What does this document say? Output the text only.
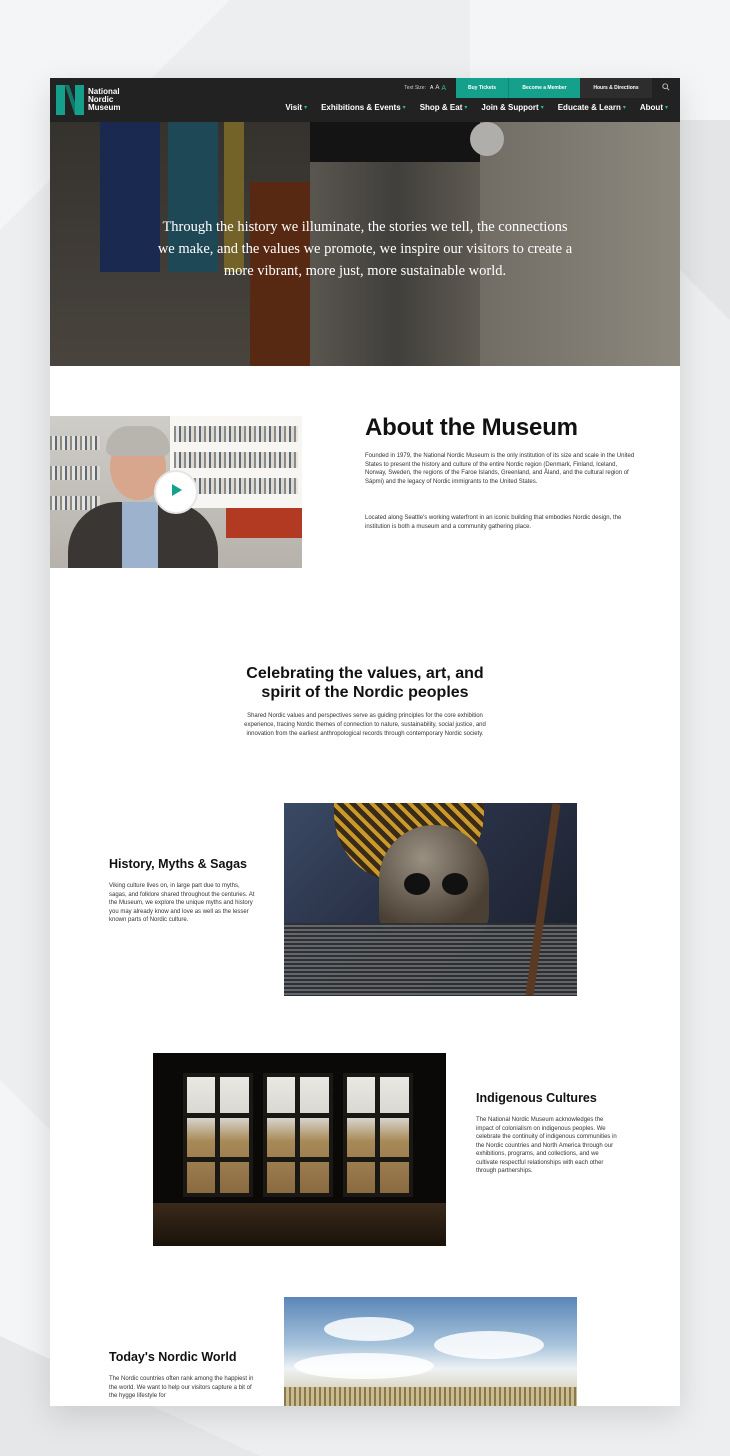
National
Nordic
Museum
Text Size: A A A	Buy Tickets	Become a Member	Hours & Directions
Visit ▾ Exhibitions & Events ▾ Shop & Eat ▾ Join & Support ▾ Educate & Learn ▾ About ▾
Through the history we illuminate, the stories we tell, the connections
we make, and the values we promote, we inspire our visitors to create a
more vibrant, more just, more sustainable world.
About the Museum

Founded in 1979, the National Nordic Museum is the only institution of its size and scale in the United States to present the history and culture of the entire Nordic region (Denmark, Finland, Iceland, Norway, Sweden, the regions of the Faroe Islands, Greenland, and Åland, and the cultural region of Sápmi) and the legacy of Nordic immigrants to the United States.

Located along Seattle's working waterfront in an iconic building that embodies Nordic design, the institution is both a museum and a community gathering place.

Celebrating the values, art, and
spirit of the Nordic peoples

Shared Nordic values and perspectives serve as guiding principles for the core exhibition experience, tracing Nordic themes of connection to nature, sustainability, social justice, and innovation from the earliest anthropological records through contemporary Nordic society.

History, Myths & Sagas

Viking culture lives on, in large part due to myths, sagas, and folklore shared throughout the centuries. At the Museum, we explore the unique myths and history you may already know and love as well as the lesser known parts of Nordic culture.

Indigenous Cultures

The National Nordic Museum acknowledges the impact of colonialism on indigenous peoples. We celebrate the continuity of indigenous communities in the Nordic countries and North America through our exhibitions, programs, and collections, and we cultivate respectful relationships with each other through partnerships.

Today's Nordic World

The Nordic countries often rank among the happiest in the world. We want to help our visitors capture a bit of the hygge lifestyle for
